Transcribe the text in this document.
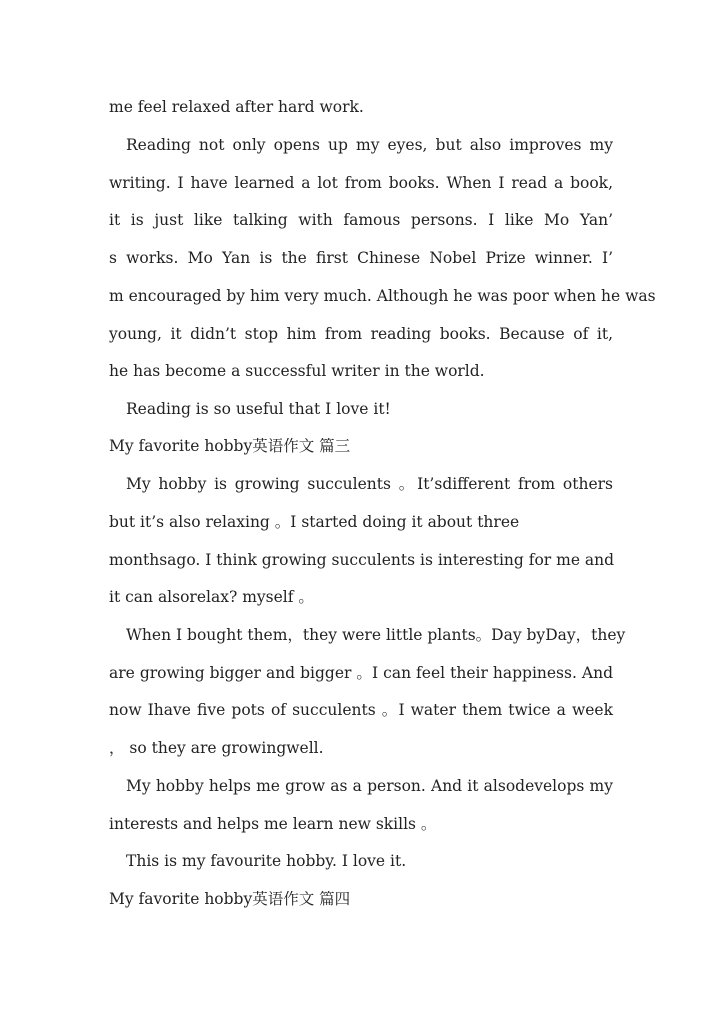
me feel relaxed after hard work.
Reading not only opens up my eyes, but also improves my
writing. I have learned a lot from books. When I read a book,
it is just like talking with famous persons. I like Mo Yan’
s works. Mo Yan is the first Chinese Nobel Prize winner. I’
m encouraged by him very much. Although he was poor when he was
young, it didn’t stop him from reading books. Because of it,
he has become a successful writer in the world.
Reading is so useful that I love it!
My favorite hobby英语作文 篇三
My hobby is growing succulents 。It’sdifferent from others
but it’s also relaxing 。I started doing it about three
monthsago. I think growing succulents is interesting for me and
it can alsorelax? myself 。
When I bought them，they were little plants。Day byDay，they
are growing bigger and bigger 。I can feel their happiness. And
now Ihave five pots of succulents 。I water them twice a week
， so they are growingwell.
My hobby helps me grow as a person. And it alsodevelops my
interests and helps me learn new skills 。
This is my favourite hobby. I love it.
My favorite hobby英语作文 篇四
